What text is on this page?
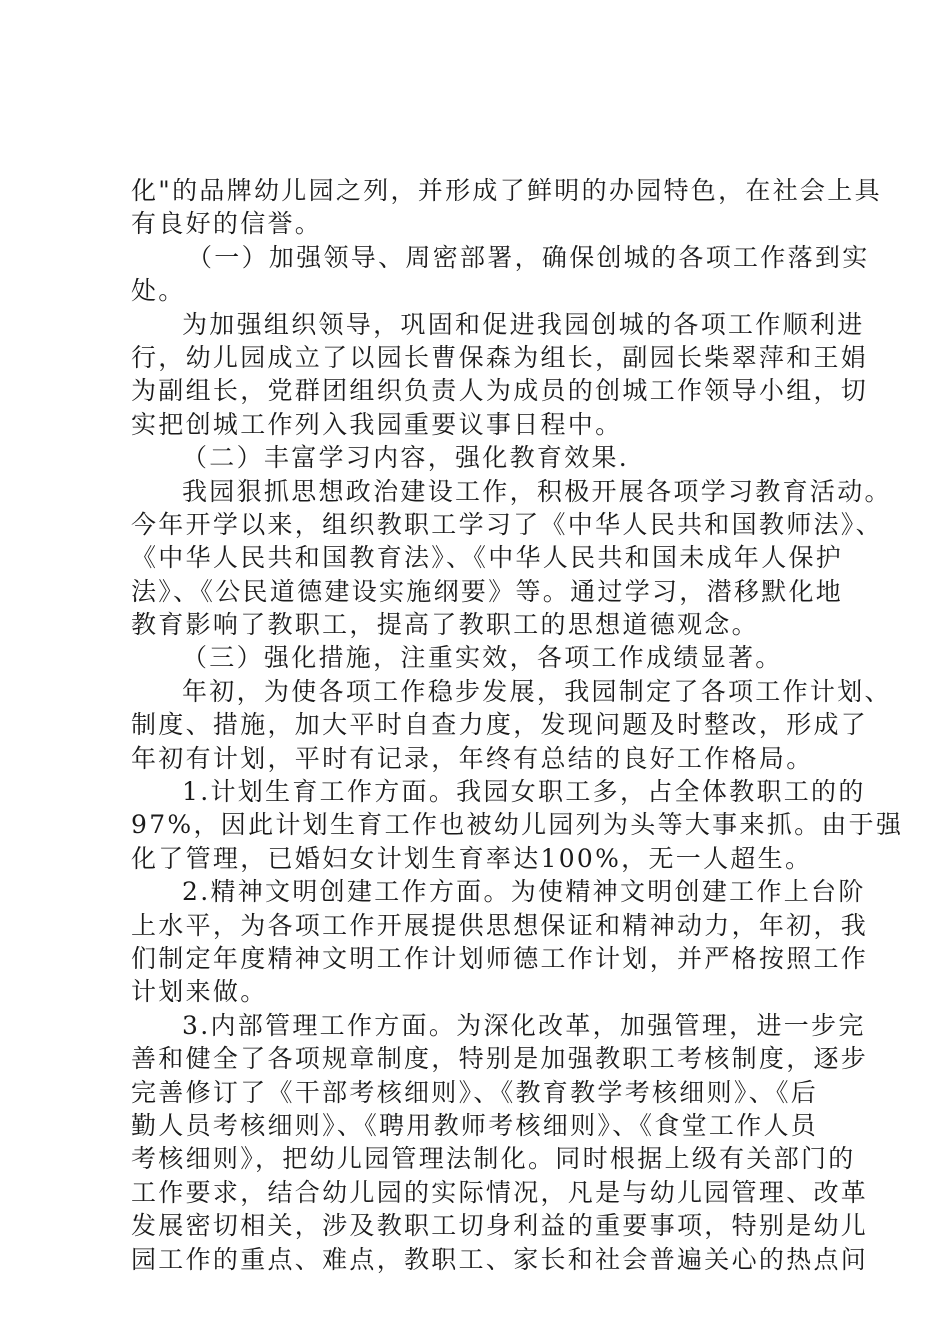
化"的品牌幼儿园之列，并形成了鲜明的办园特色，在社会上具
有良好的信誉。
（一）加强领导、周密部署，确保创城的各项工作落到实
处。
为加强组织领导，巩固和促进我园创城的各项工作顺利进
行，幼儿园成立了以园长曹保森为组长，副园长柴翠萍和王娟
为副组长，党群团组织负责人为成员的创城工作领导小组，切
实把创城工作列入我园重要议事日程中。
（二）丰富学习内容，强化教育效果.
我园狠抓思想政治建设工作，积极开展各项学习教育活动。
今年开学以来，组织教职工学习了《中华人民共和国教师法》、
《中华人民共和国教育法》、《中华人民共和国未成年人保护
法》、《公民道德建设实施纲要》等。通过学习，潜移默化地
教育影响了教职工，提高了教职工的思想道德观念。
（三）强化措施，注重实效，各项工作成绩显著。
年初，为使各项工作稳步发展，我园制定了各项工作计划、
制度、措施，加大平时自查力度，发现问题及时整改，形成了
年初有计划，平时有记录，年终有总结的良好工作格局。
1.计划生育工作方面。我园女职工多，占全体教职工的的
97%，因此计划生育工作也被幼儿园列为头等大事来抓。由于强
化了管理，已婚妇女计划生育率达100%，无一人超生。
2.精神文明创建工作方面。为使精神文明创建工作上台阶
上水平，为各项工作开展提供思想保证和精神动力，年初，我
们制定年度精神文明工作计划师德工作计划，并严格按照工作
计划来做。
3.内部管理工作方面。为深化改革，加强管理，进一步完
善和健全了各项规章制度，特别是加强教职工考核制度，逐步
完善修订了《干部考核细则》、《教育教学考核细则》、《后
勤人员考核细则》、《聘用教师考核细则》、《食堂工作人员
考核细则》，把幼儿园管理法制化。同时根据上级有关部门的
工作要求，结合幼儿园的实际情况，凡是与幼儿园管理、改革
发展密切相关，涉及教职工切身利益的重要事项，特别是幼儿
园工作的重点、难点，教职工、家长和社会普遍关心的热点问
